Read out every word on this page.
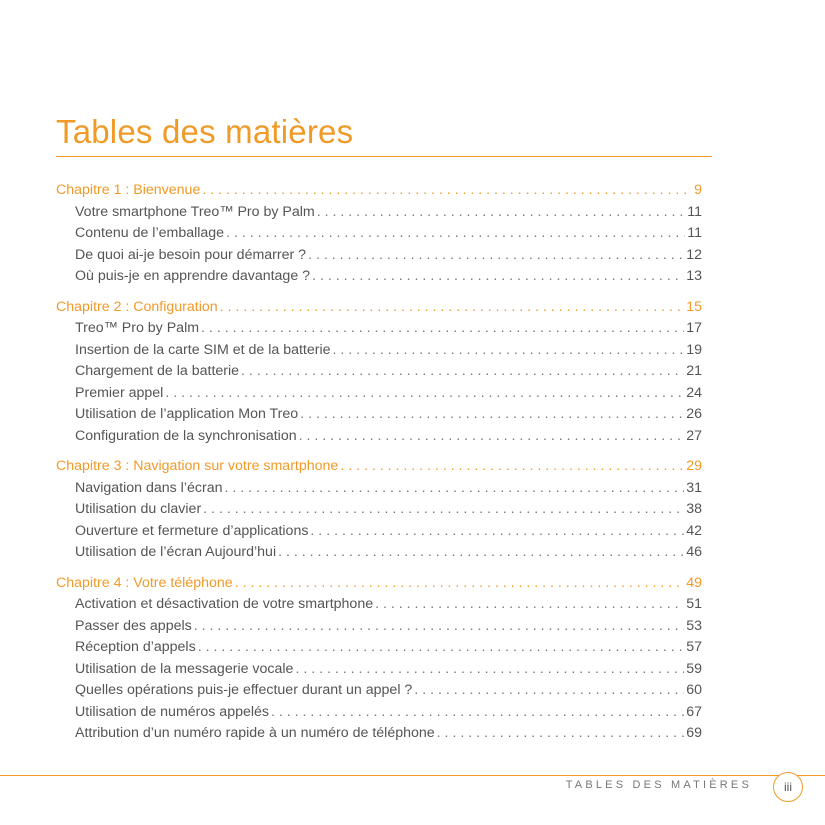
Tables des matières
Chapitre 1 : Bienvenue . . .	9
Votre smartphone Treo™ Pro by Palm . . .	11
Contenu de l’emballage . . .	11
De quoi ai-je besoin pour démarrer ? . . .	12
Où puis-je en apprendre davantage ? . . .	13
Chapitre 2 : Configuration . . .	15
Treo™ Pro by Palm . . .	17
Insertion de la carte SIM et de la batterie . . .	19
Chargement de la batterie . . .	21
Premier appel . . .	24
Utilisation de l’application Mon Treo . . .	26
Configuration de la synchronisation . . .	27
Chapitre 3 : Navigation sur votre smartphone . . .	29
Navigation dans l’écran . . .	31
Utilisation du clavier . . .	38
Ouverture et fermeture d’applications . . .	42
Utilisation de l’écran Aujourd’hui . . .	46
Chapitre 4 : Votre téléphone . . .	49
Activation et désactivation de votre smartphone . . .	51
Passer des appels . . .	53
Réception d’appels . . .	57
Utilisation de la messagerie vocale . . .	59
Quelles opérations puis-je effectuer durant un appel ? . . .	60
Utilisation de numéros appelés . . .	67
Attribution d’un numéro rapide à un numéro de téléphone . . .	69
TABLES DES MATIÈRES	iii
